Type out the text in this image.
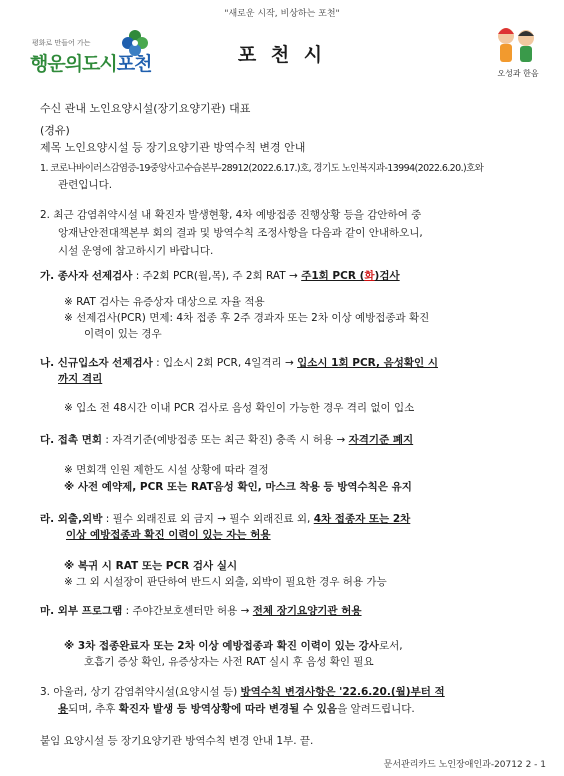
"새로운 시작, 비상하는 포천"
평화로 만들어 가는
행운의도시포천	포 천 시
오성과 한음
수신 관내 노인요양시설(장기요양기관) 대표
(경유)
제목 노인요양시설 등 장기요양기관 방역수칙 변경 안내
1. 코로나바이러스감염증-19중앙사고수습본부-28912(2022.6.17.)호, 경기도 노인복지과-13994(2022.6.20.)호와
관련입니다.
2. 최근 감염취약시설 내 확진자 발생현황, 4차 예방접종 진행상황 등을 감안하여 중
앙재난안전대책본부 회의 결과 및 방역수칙 조정사항을 다음과 같이 안내하오니,
시설 운영에 참고하시기 바랍니다.
가. 종사자 선제검사 : 주2회 PCR(월,목), 주 2회 RAT → 주1회 PCR (화)검사
※ RAT 검사는 유증상자 대상으로 자율 적용
※ 선제검사(PCR) 면제: 4차 접종 후 2주 경과자 또는 2차 이상 예방접종과 확진
이력이 있는 경우
나. 신규입소자 선제검사 : 입소시 2회 PCR, 4일격리 → 입소시 1회 PCR, 음성확인 시
까지 격리
※ 입소 전 48시간 이내 PCR 검사로 음성 확인이 가능한 경우 격리 없이 입소
다. 접촉 면회 : 자격기준(예방접종 또는 최근 확진) 충족 시 허용 → 자격기준 폐지
※ 면회객 인원 제한도 시설 상황에 따라 결정
※ 사전 예약제, PCR 또는 RAT음성 확인, 마스크 착용 등 방역수칙은 유지
라. 외출,외박 : 필수 외래진료 외 금지 → 필수 외래진료 외, 4차 접종자 또는 2차
이상 예방접종과 확진 이력이 있는 자는 허용
※ 복귀 시 RAT 또는 PCR 검사 실시
※ 그 외 시설장이 판단하여 반드시 외출, 외박이 필요한 경우 허용 가능
마. 외부 프로그램 : 주야간보호센터만 허용 → 전체 장기요양기관 허용
※ 3차 접종완료자 또는 2차 이상 예방접종과 확진 이력이 있는 강사로서,
호흡기 증상 확인, 유증상자는 사전 RAT 실시 후 음성 확인 필요
3. 아울러, 상기 감염취약시설(요양시설 등) 방역수칙 변경사항은 '22.6.20.(월)부터 적
용되며, 추후 확진자 발생 등 방역상황에 따라 변경될 수 있음을 알려드립니다.
붙임 요양시설 등 장기요양기관 방역수칙 변경 안내 1부. 끝.
문서관리카드 노인장애인과-20712 2 - 1
